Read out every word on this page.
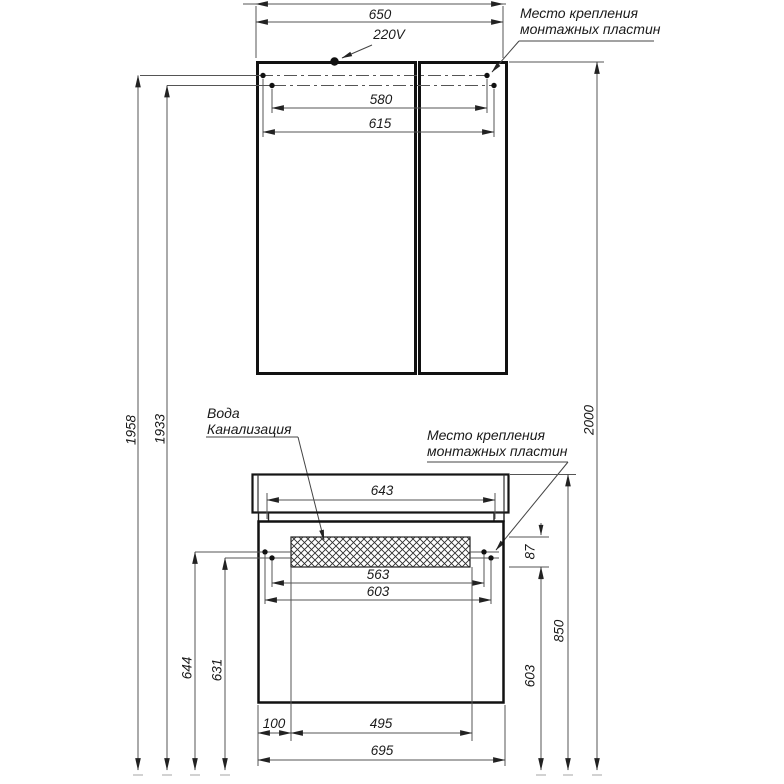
650
220V
Место крепления
монтажных пластин
580
615
1958 1933	2000
Вода
Канализация	Место крепления
монтажных пластин
643
87
563
603
644 631
850
603
100	495
695
